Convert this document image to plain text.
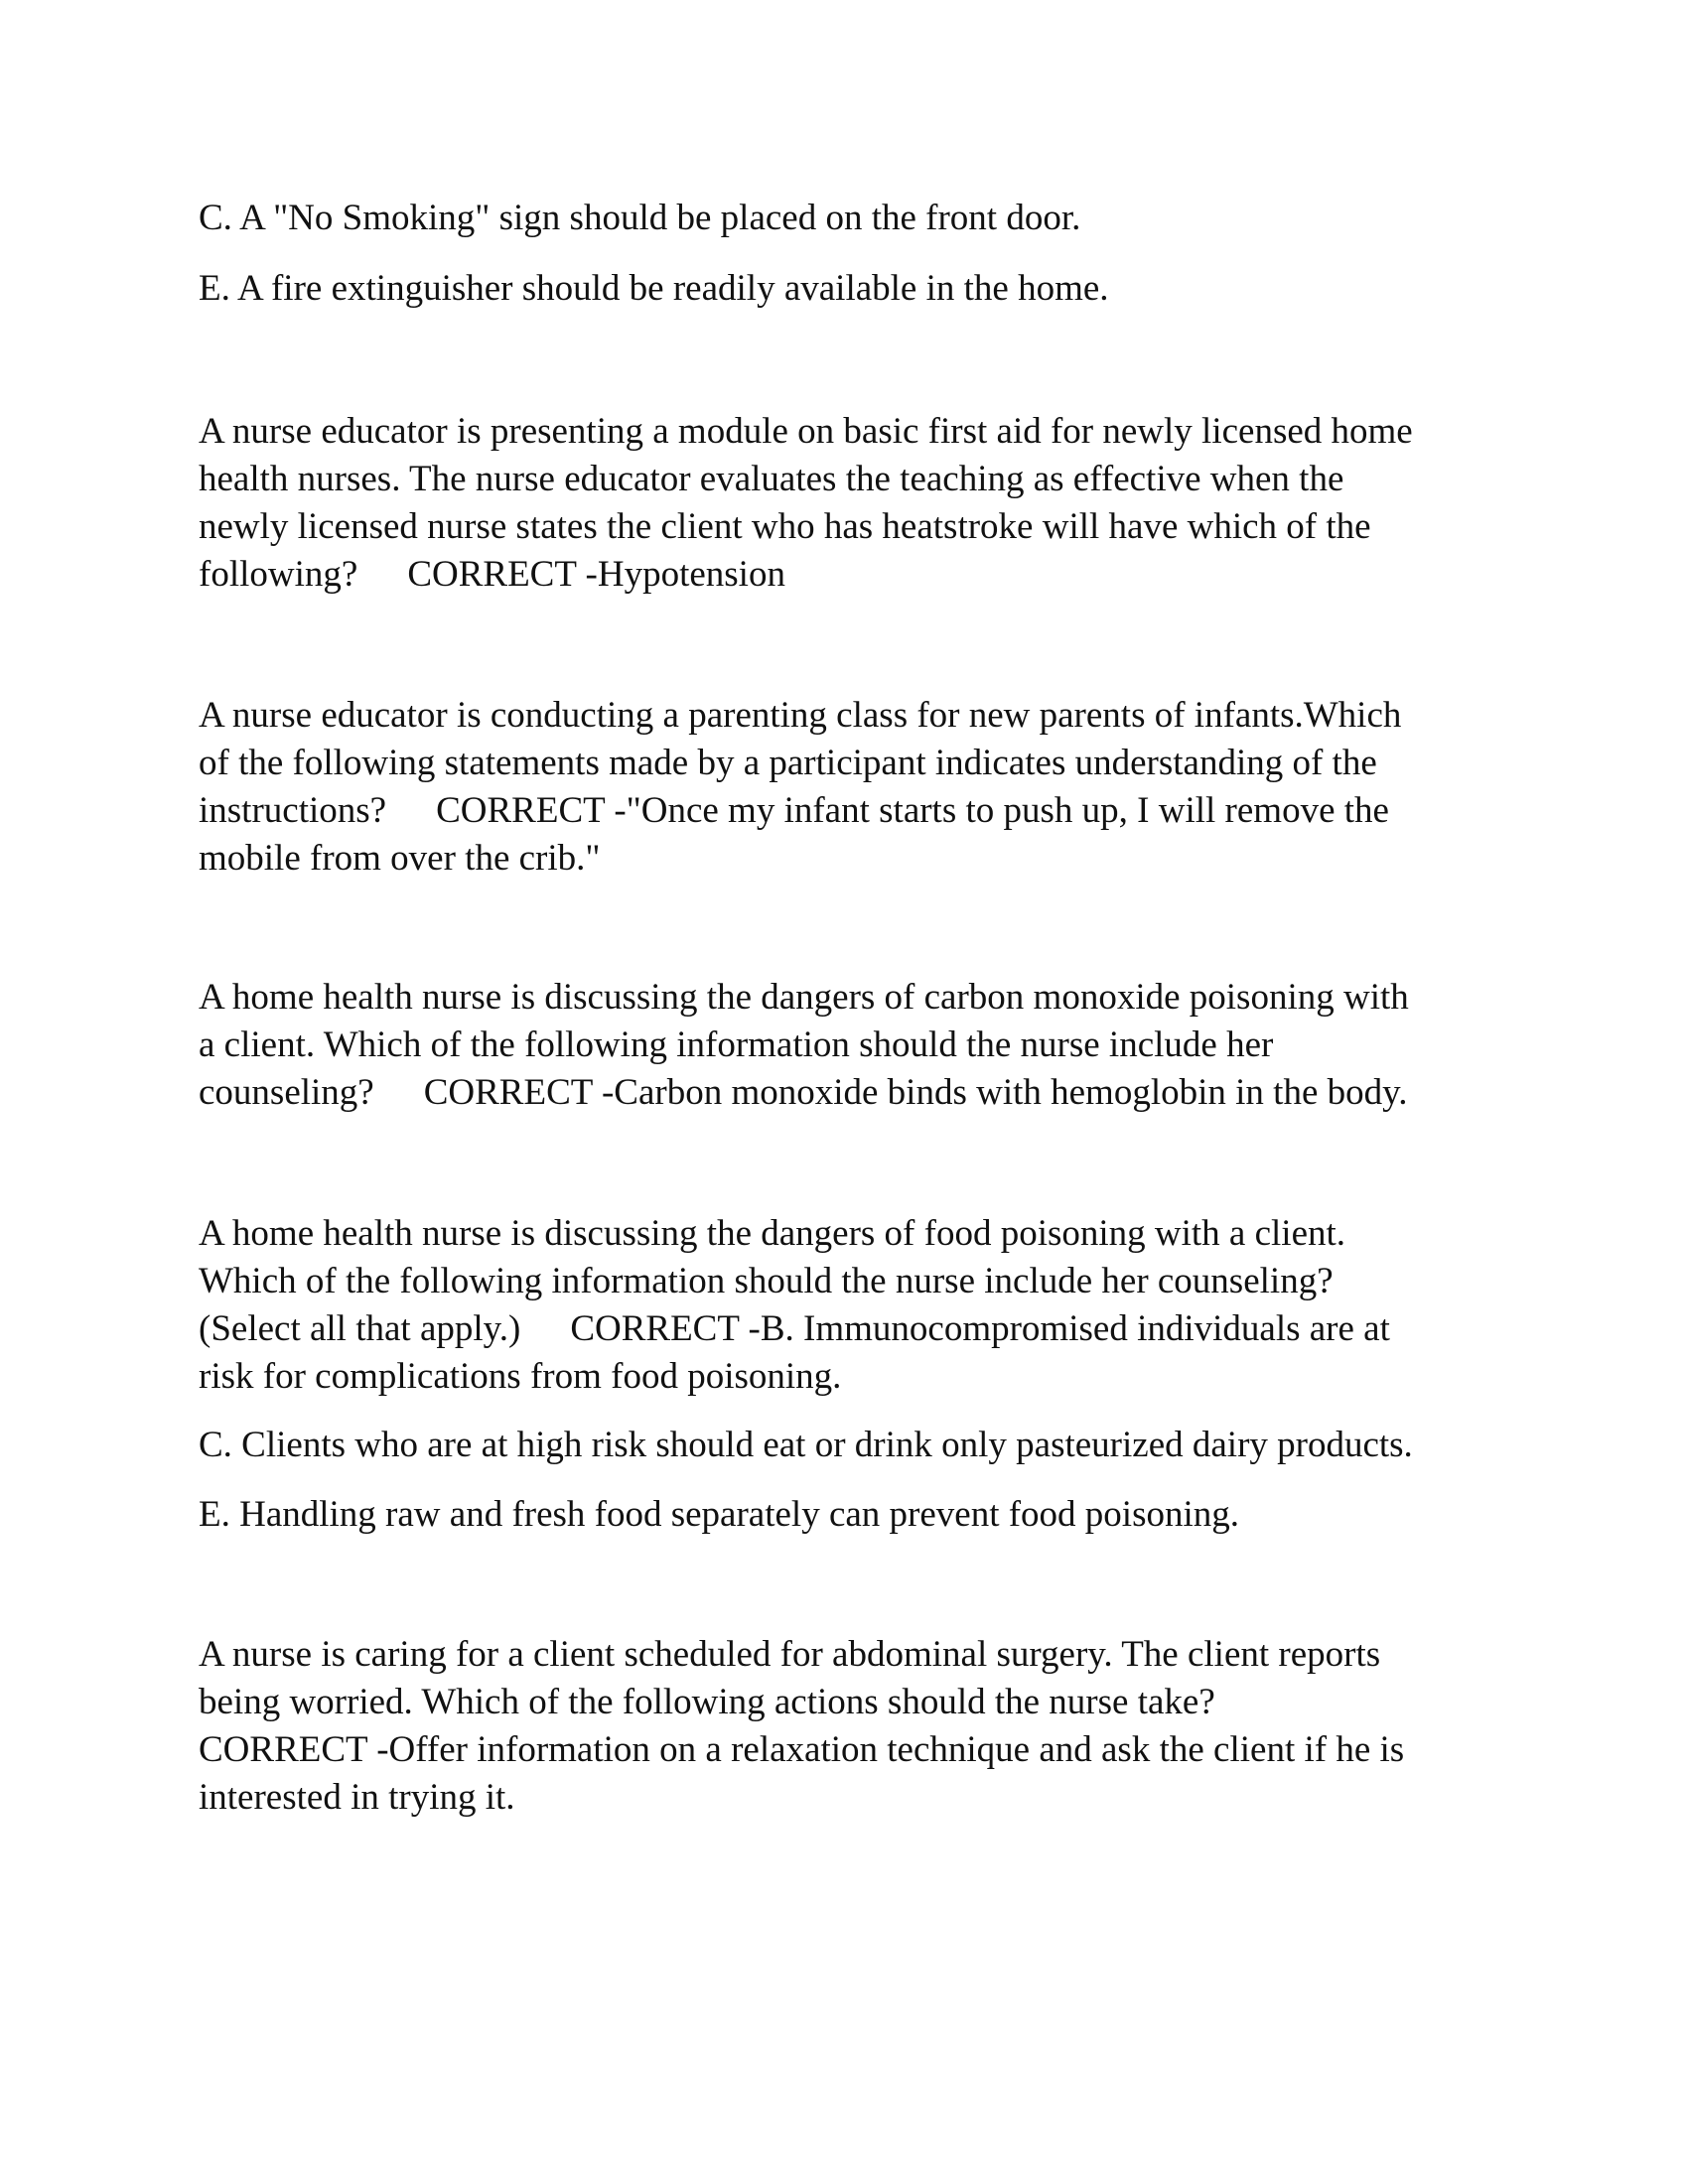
C. A "No Smoking" sign should be placed on the front door.

E. A fire extinguisher should be readily available in the home.

A nurse educator is presenting a module on basic first aid for newly licensed home

health nurses. The nurse educator evaluates the teaching as effective when the

newly licensed nurse states the client who has heatstroke will have which of the

following? CORRECT -Hypotension

A nurse educator is conducting a parenting class for new parents of infants.Which

of the following statements made by a participant indicates understanding of the

instructions? CORRECT -"Once my infant starts to push up, I will remove the

mobile from over the crib."

A home health nurse is discussing the dangers of carbon monoxide poisoning with

a client. Which of the following information should the nurse include her

counseling? CORRECT -Carbon monoxide binds with hemoglobin in the body.

A home health nurse is discussing the dangers of food poisoning with a client.

Which of the following information should the nurse include her counseling?

(Select all that apply.) CORRECT -B. Immunocompromised individuals are at

risk for complications from food poisoning.

C. Clients who are at high risk should eat or drink only pasteurized dairy products.

E. Handling raw and fresh food separately can prevent food poisoning.

A nurse is caring for a client scheduled for abdominal surgery. The client reports

being worried. Which of the following actions should the nurse take?

CORRECT -Offer information on a relaxation technique and ask the client if he is

interested in trying it.
